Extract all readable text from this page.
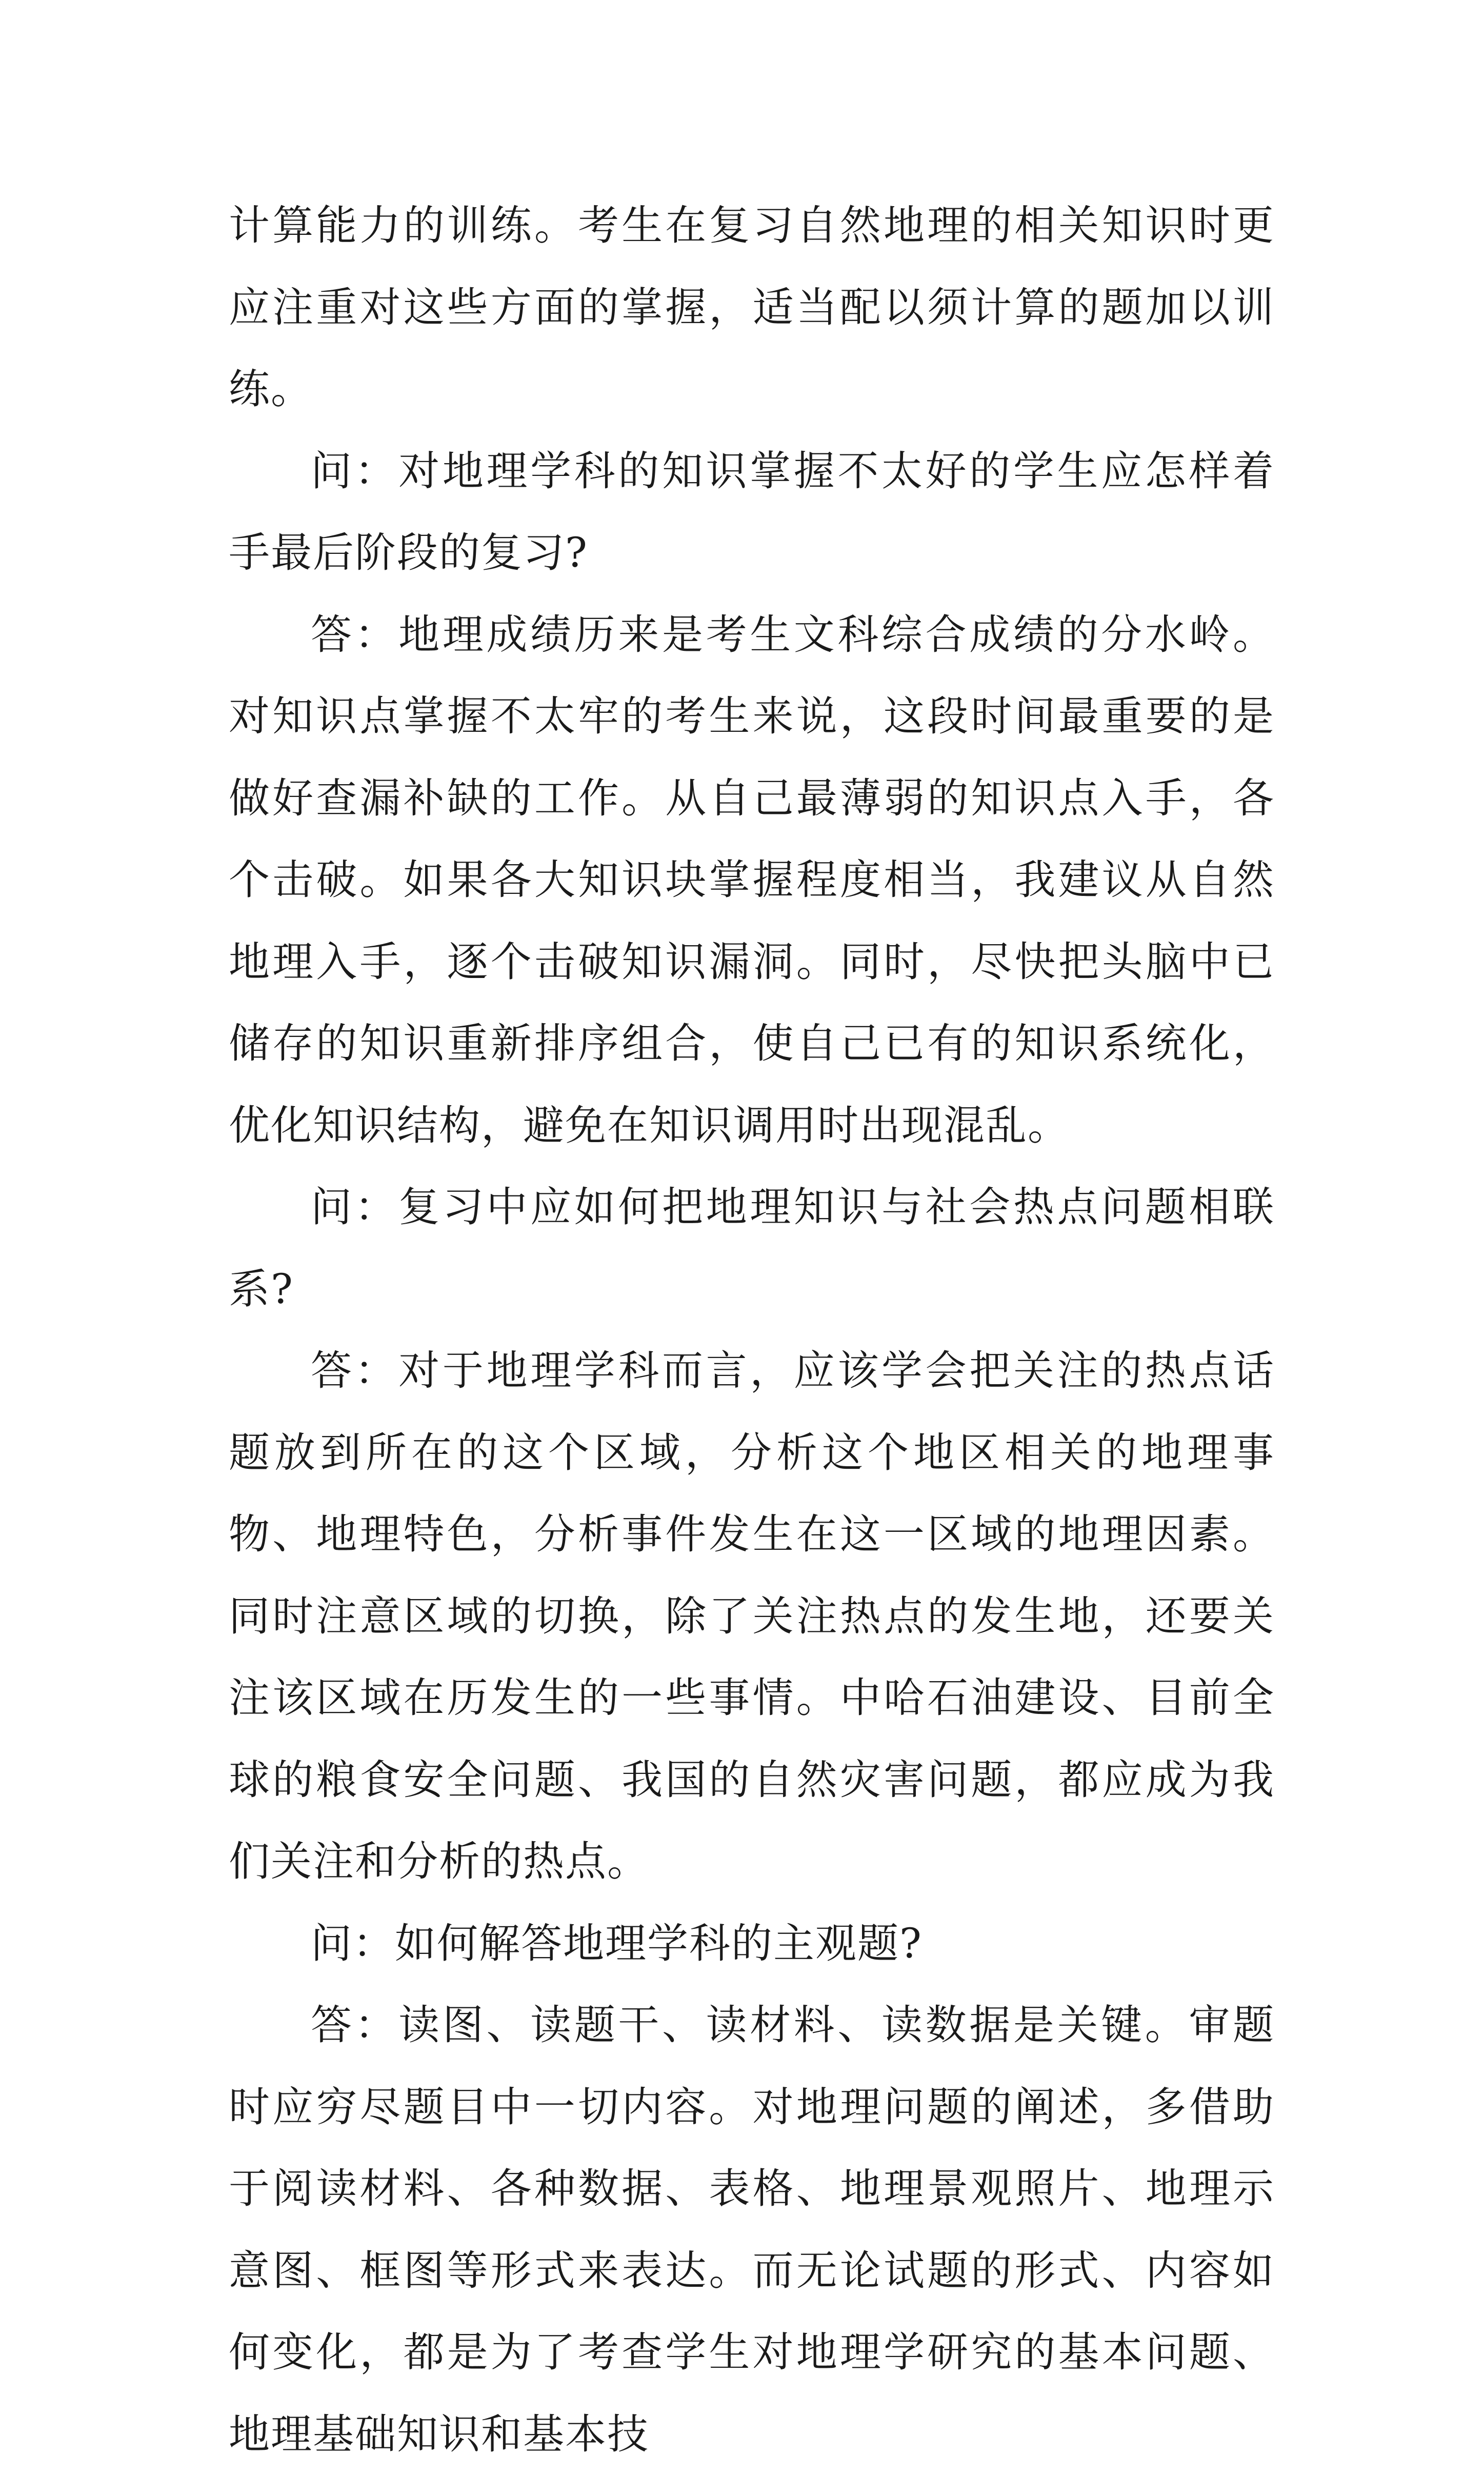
计算能力的训练。考生在复习自然地理的相关知识时更应注重对这些方面的掌握，适当配以须计算的题加以训练。

问：对地理学科的知识掌握不太好的学生应怎样着手最后阶段的复习?

答：地理成绩历来是考生文科综合成绩的分水岭。对知识点掌握不太牢的考生来说，这段时间最重要的是做好查漏补缺的工作。从自己最薄弱的知识点入手，各个击破。如果各大知识块掌握程度相当，我建议从自然地理入手，逐个击破知识漏洞。同时，尽快把头脑中已储存的知识重新排序组合，使自己已有的知识系统化，优化知识结构，避免在知识调用时出现混乱。

问：复习中应如何把地理知识与社会热点问题相联系?

答：对于地理学科而言，应该学会把关注的热点话题放到所在的这个区域，分析这个地区相关的地理事物、地理特色，分析事件发生在这一区域的地理因素。同时注意区域的切换，除了关注热点的发生地，还要关注该区域在历发生的一些事情。中哈石油建设、目前全球的粮食安全问题、我国的自然灾害问题，都应成为我们关注和分析的热点。

问：如何解答地理学科的主观题?

答：读图、读题干、读材料、读数据是关键。审题时应穷尽题目中一切内容。对地理问题的阐述，多借助于阅读材料、各种数据、表格、地理景观照片、地理示意图、框图等形式来表达。而无论试题的形式、内容如何变化，都是为了考查学生对地理学研究的基本问题、地理基础知识和基本技
